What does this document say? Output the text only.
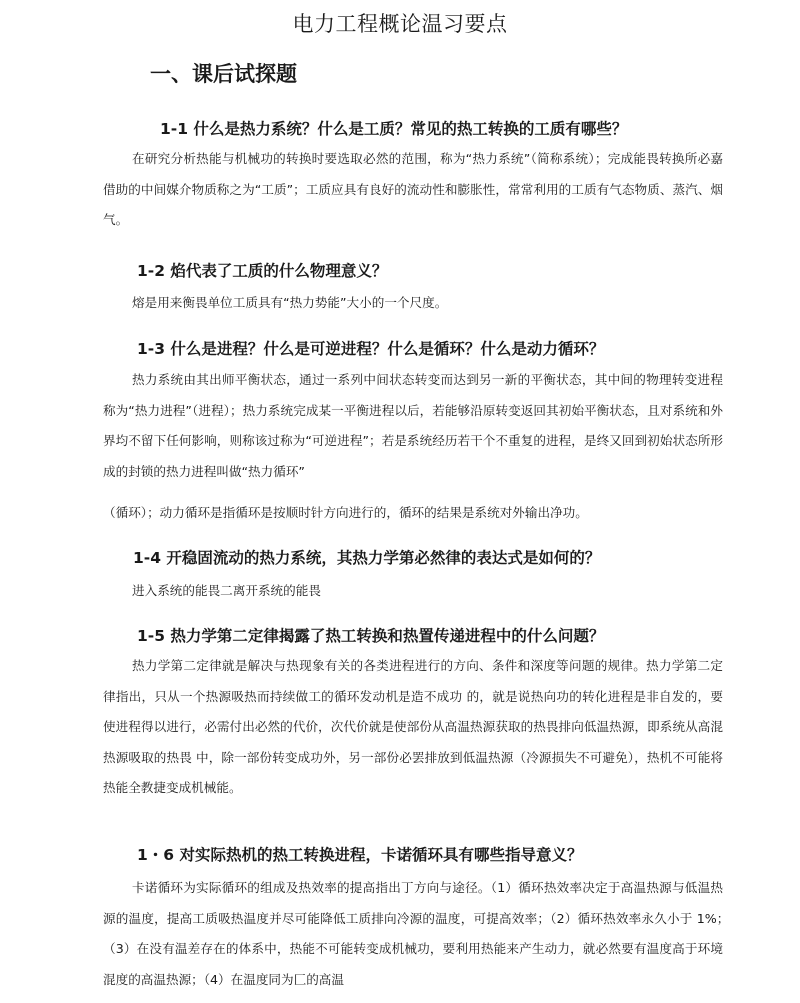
电力工程概论温习要点
一、课后试探题
1-1 什么是热力系统？什么是工质？常见的热工转换的工质有哪些？

在研究分析热能与机械功的转换时要选取必然的范围，称为“热力系统”（简称系统）；完成能畏转换所必嘉借助的中间媒介物质称之为“工质”；工质应具有良好的流动性和膨胀性，常常利用的工质有气态物质、蒸汽、烟气。

1-2 焰代表了工质的什么物理意义？

熔是用来衡畏单位工质具有“热力势能”大小的一个尺度。

1-3 什么是进程？什么是可逆进程？什么是循环？什么是动力循环？

热力系统由其出师平衡状态，通过一系列中间状态转变而达到另一新的平衡状态，其中间的物理转变进程称为“热力进程”（进程）；热力系统完成某一平衡进程以后，若能够沿原转变返回其初始平衡状态，且对系统和外界均不留下任何影响，则称该过称为“可逆进程”；若是系统经历若干个不重复的进程，是终又回到初始状态所形成的封锁的热力进程叫做“热力循环”

（循环）；动力循环是指循环是按顺时针方向进行的，循环的结果是系统对外输出净功。

1-4 开稳固流动的热力系统，其热力学第必然律的表达式是如何的？

进入系统的能畏二离开系统的能畏

1-5 热力学第二定律揭露了热工转换和热置传递进程中的什么问题？

热力学第二定律就是解决与热现象有关的各类进程进行的方向、条件和深度等问题的规律。热力学第二定律指出，只从一个热源吸热而持续做工的循环发动机是造不成功 的，就是说热向功的转化进程是非自发的，要使进程得以进行，必需付出必然的代价，次代价就是使部份从高温热源获取的热畏排向低温热源，即系统从高混热源吸取的热畏 中，除一部份转变成功外，另一部份必罢排放到低温热源（冷源损失不可避免），热机不可能将热能全教捷变成机械能。

1・6 对实际热机的热工转换进程，卡诺循环具有哪些指导意义？

卡诺循环为实际循环的组成及热效率的提高指出丁方向与途径。（1）循环热效率决定于高温热源与低温热源的温度，提高工质吸热温度并尽可能降低工质排向冷源的温度，可提高效率；（2）循环热效率永久小于 1%；　（3）在没有温差存在的体系中，热能不可能转变成机械功，要利用热能来产生动力，就必然要有温度高于环境混度的高温热源；（4）在温度同为匚的高温
